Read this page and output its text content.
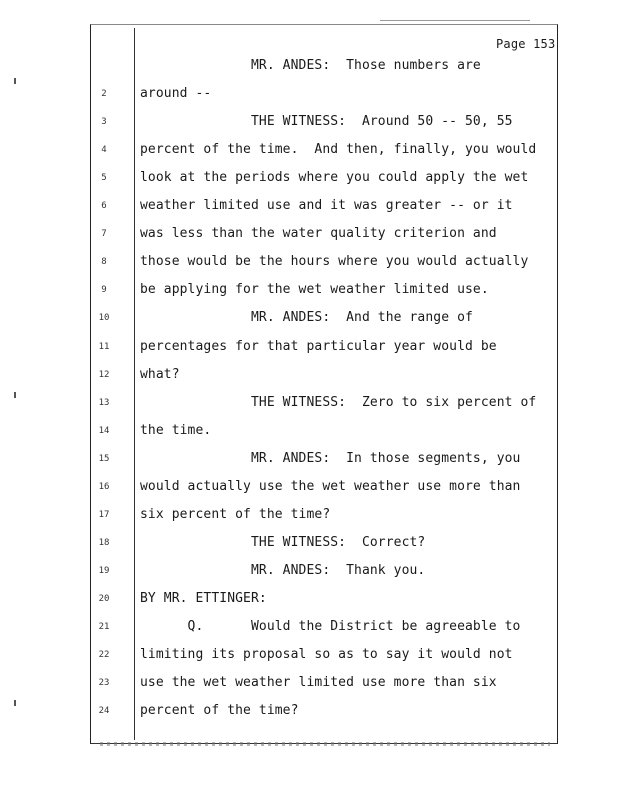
Page 153
MR. ANDES:  Those numbers are
2	around --
3	THE WITNESS:  Around 50 -- 50, 55
4	percent of the time.  And then, finally, you would
5	look at the periods where you could apply the wet
6	weather limited use and it was greater -- or it
7	was less than the water quality criterion and
8	those would be the hours where you would actually
9	be applying for the wet weather limited use.
10	MR. ANDES:  And the range of
11	percentages for that particular year would be
12	what?
13	THE WITNESS:  Zero to six percent of
14	the time.
15	MR. ANDES:  In those segments, you
16	would actually use the wet weather use more than
17	six percent of the time?
18	THE WITNESS:  Correct?
19	MR. ANDES:  Thank you.
20	BY MR. ETTINGER:
21	Q.      Would the District be agreeable to
22	limiting its proposal so as to say it would not
23	use the wet weather limited use more than six
24	percent of the time?
